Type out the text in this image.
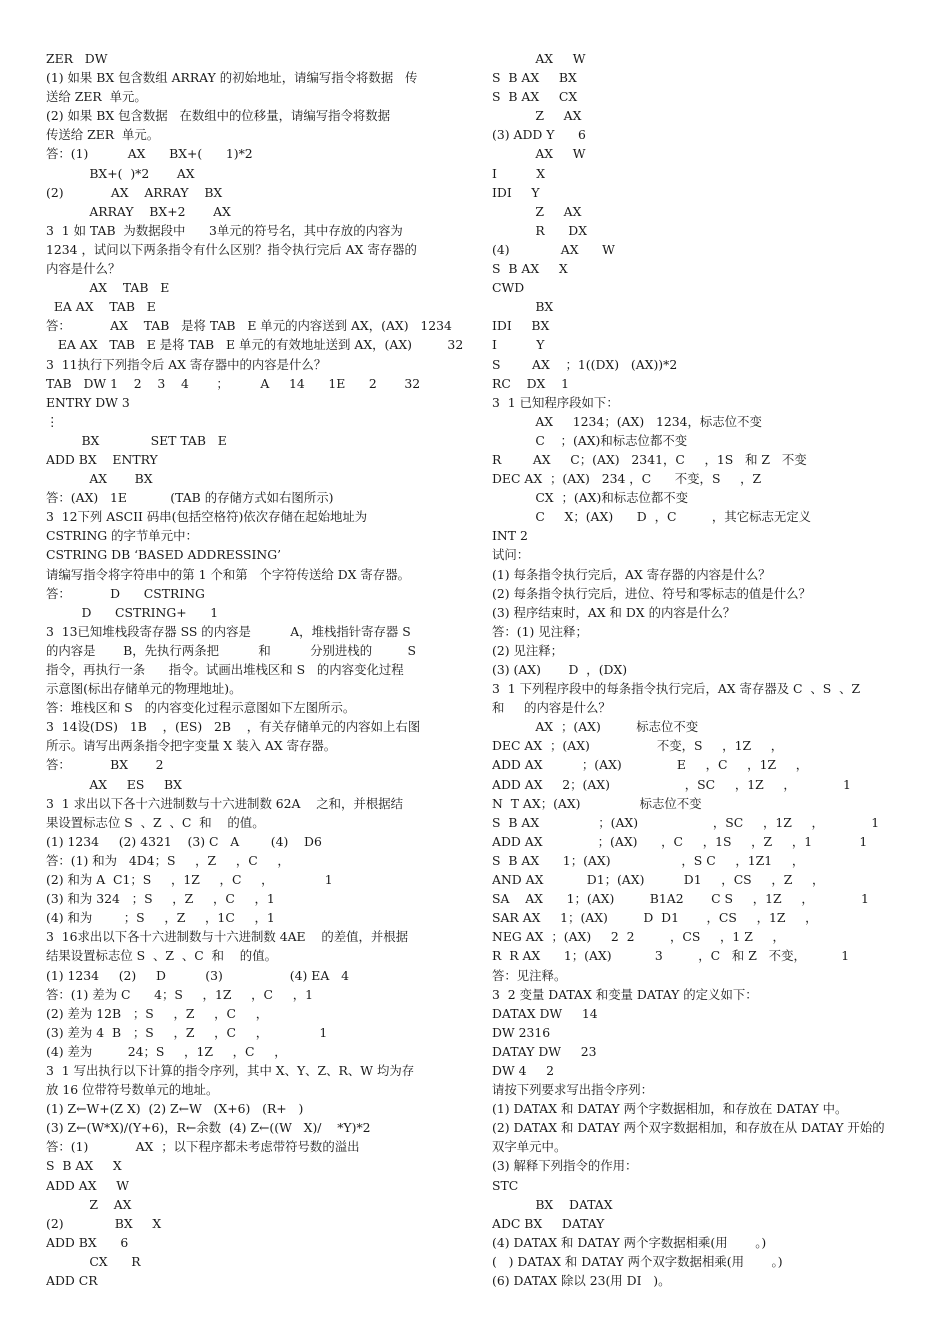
ZER   DW
(1) 如果 BX 包含数组 ARRAY 的初始地址，请编写指令将数据   传
送给 ZER  单元。
(2) 如果 BX 包含数据   在数组中的位移量，请编写指令将数据
传送给 ZER  单元。
答：(1)          AX      BX+(      1)*2
BX+(  )*2       AX
(2)            AX    ARRAY    BX
ARRAY    BX+2       AX
3  1 如 TAB  为数据段中      3单元的符号名，其中存放的内容为
1234 ，试问以下两条指令有什么区别？指令执行完后 AX 寄存器的
内容是什么？
AX    TAB   E
EA AX    TAB   E
答：          AX    TAB   是将 TAB   E 单元的内容送到 AX，(AX)   1234
EA AX   TAB   E 是将 TAB   E 单元的有效地址送到 AX，(AX)         32
3  11执行下列指令后 AX 寄存器中的内容是什么？
TAB   DW 1    2    3    4       ；        A     14      1E      2       32
ENTRY DW 3
⋮
BX             SET TAB   E
ADD BX    ENTRY
AX       BX
答：(AX)   1E           (TAB 的存储方式如右图所示)
3  12下列 ASCII 码串(包括空格符)依次存储在起始地址为
CSTRING 的字节单元中：
CSTRING DB ‘BASED ADDRESSING’
请编写指令将字符串中的第 1 个和第   个字符传送给 DX 寄存器。
答：          D      CSTRING
D      CSTRING+      1
3  13已知堆栈段寄存器 SS 的内容是          A，堆栈指针寄存器 S
的内容是       B，先执行两条把          和          分别进栈的         S
指令，再执行一条      指令。试画出堆栈区和 S   的内容变化过程
示意图(标出存储单元的物理地址)。
答：堆栈区和 S   的内容变化过程示意图如下左图所示。
3  14设(DS)   1B    ，(ES)   2B    ，有关存储单元的内容如上右图
所示。请写出两条指令把字变量 X 装入 AX 寄存器。
答：          BX       2
AX     ES     BX
3  1 求出以下各十六进制数与十六进制数 62A    之和，并根据结
果设置标志位 S  、Z  、C  和    的值。
(1) 1234     (2) 4321    (3) C   A        (4)    D6
答：(1) 和为   4D4；S     ，Z     ，C     ，
(2) 和为 A  C1；S     ，1Z     ，C     ，             1
(3) 和为 324   ；S     ，Z     ，C     ，1
(4) 和为        ；S     ，Z     ，1C     ，1
3  16求出以下各十六进制数与十六进制数 4AE    的差值，并根据
结果设置标志位 S  、Z  、C  和    的值。
(1) 1234     (2)     D          (3)                 (4) EA   4
答：(1) 差为 C      4；S     ，1Z     ，C     ，1
(2) 差为 12B   ；S     ，Z     ，C     ，
(3) 差为 4  B   ；S     ，Z     ，C     ，             1
(4) 差为         24；S     ，1Z     ，C     ，
3  1 写出执行以下计算的指令序列，其中 X、Y、Z、R、W 均为存
放 16 位带符号数单元的地址。
(1) Z←W+(Z X)  (2) Z←W   (X+6)   (R+   )
(3) Z←(W*X)/(Y+6)，R←余数  (4) Z←((W   X)/    *Y)*2
答：(1)            AX  ；以下程序都未考虑带符号数的溢出
S  B AX     X
ADD AX     W
Z    AX
(2)             BX     X
ADD BX      6
CX      R
ADD CR
AX     W
S  B AX     BX
S  B AX     CX
Z     AX
(3) ADD Y      6
AX     W
I          X
IDI     Y
Z     AX
R      DX
(4)             AX      W
S  B AX     X
CWD
BX
IDI     BX
I          Y
S        AX    ；1((DX)   (AX))*2
RC    DX    1
3  1 已知程序段如下：
AX     1234；(AX)   1234，标志位不变
C    ；(AX)和标志位都不变
R        AX     C；(AX)   2341，C     ，1S   和 Z   不变
DEC AX  ；(AX)   234 ，C      不变，S     ，Z
CX  ；(AX)和标志位都不变
C     X；(AX)      D  ，C         ，其它标志无定义
INT 2
试问：
(1) 每条指令执行完后，AX 寄存器的内容是什么？
(2) 每条指令执行完后，进位、符号和零标志的值是什么？
(3) 程序结束时，AX 和 DX 的内容是什么？
答：(1) 见注释；
(2) 见注释；
(3) (AX)       D  ，(DX)
3  1 下列程序段中的每条指令执行完后，AX 寄存器及 C  、S  、Z
和     的内容是什么？
AX  ；(AX)         标志位不变
DEC AX  ；(AX)                 不变，S     ，1Z     ，
ADD AX          ；(AX)              E     ，C     ，1Z     ，
ADD AX     2；(AX)                   ，SC     ，1Z     ，            1
N  T AX；(AX)               标志位不变
S  B AX               ；(AX)                   ，SC     ，1Z     ，            1
ADD AX              ；(AX)      ，C     ，1S     ，Z     ，1            1
S  B AX      1；(AX)                  ，S C     ，1Z1     ，
AND AX           D1；(AX)          D1     ，CS     ，Z     ，
SA    AX      1；(AX)         B1A2       C S     ，1Z     ，            1
SAR AX     1；(AX)         D  D1       ，CS     ，1Z     ，
NEG AX  ；(AX)     2  2         ，CS     ，1 Z     ，
R  R AX      1；(AX)           3         ，C   和 Z   不变，         1
答：见注释。
3  2 变量 DATAX 和变量 DATAY 的定义如下：
DATAX DW     14
DW 2316
DATAY DW     23
DW 4     2
请按下列要求写出指令序列：
(1) DATAX 和 DATAY 两个字数据相加，和存放在 DATAY 中。
(2) DATAX 和 DATAY 两个双字数据相加，和存放在从 DATAY 开始的
双字单元中。
(3) 解释下列指令的作用：
STC
BX    DATAX
ADC BX     DATAY
(4) DATAX 和 DATAY 两个字数据相乘(用       。)
(   ) DATAX 和 DATAY 两个双字数据相乘(用       。)
(6) DATAX 除以 23(用 DI   )。
